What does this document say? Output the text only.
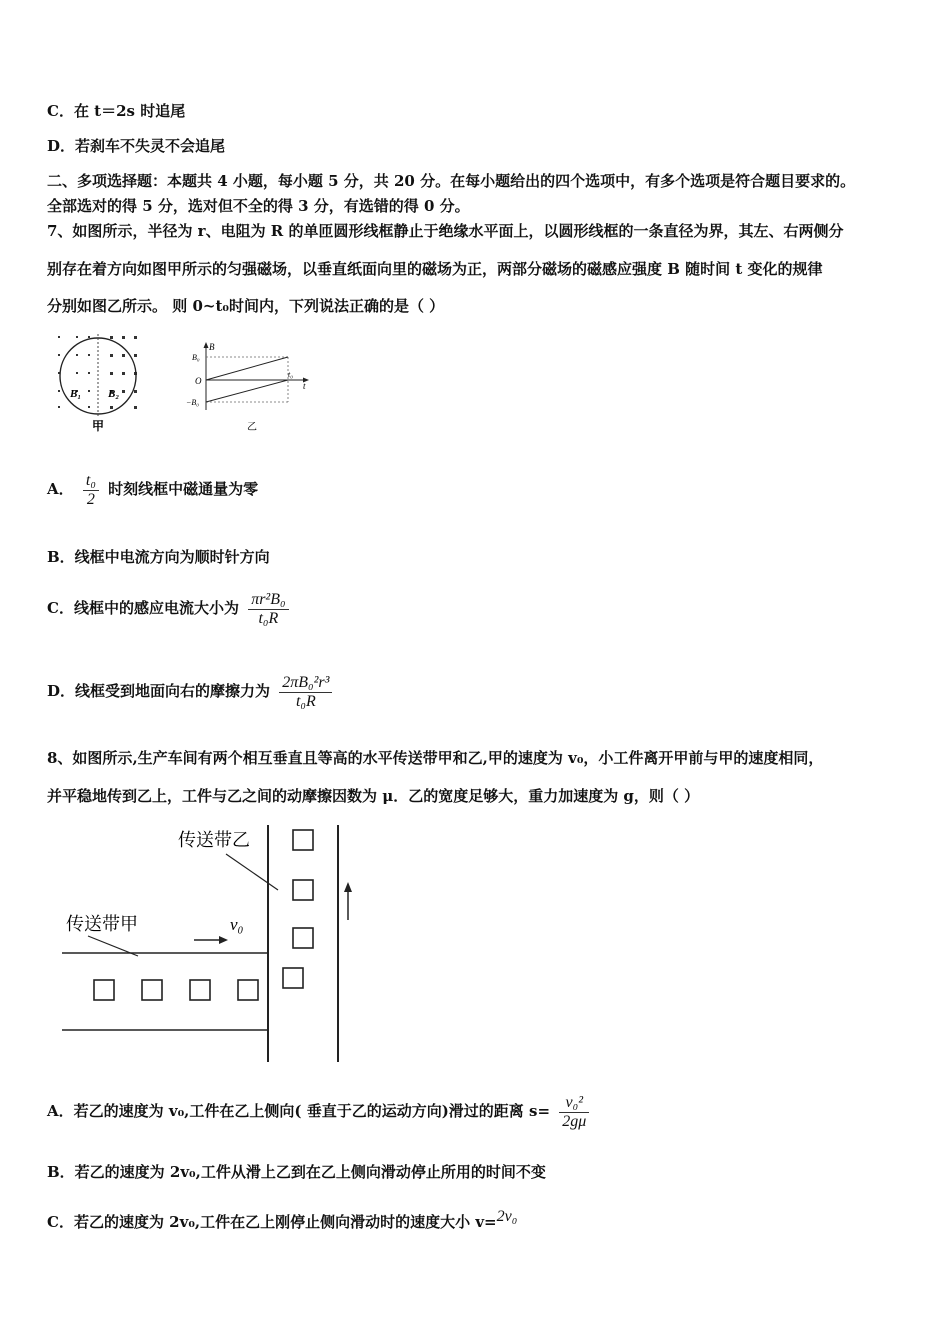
C．在 t＝2s 时追尾
D．若刹车不失灵不会追尾
二、多项选择题：本题共 4 小题，每小题 5 分，共 20 分。在每小题给出的四个选项中，有多个选项是符合题目要求的。
全部选对的得 5 分，选对但不全的得 3 分，有选错的得 0 分。
7、如图所示，半径为 r、电阻为 R 的单匝圆形线框静止于绝缘水平面上，以圆形线框的一条直径为界，其左、右两侧分
别存在着方向如图甲所示的匀强磁场，以垂直纸面向里的磁场为正，两部分磁场的磁感应强度 B 随时间 t 变化的规律
分别如图乙所示。 则 0~t₀时间内，下列说法正确的是（ ）
B₁ B₂
甲
B
B₀
O
−B₀
t₀
t
乙
A． $\frac{\text{t₀}}{2}$ 时刻线框中磁通量为零
B．线框中电流方向为顺时针方向
C．线框中的感应电流大小为 $\frac{\text{πr²B₀}}{\text{t₀R}}$
D．线框受到地面向右的摩擦力为 $\frac{\text{2πB₀²r³}}{\text{t₀R}}$
8、如图所示,生产车间有两个相互垂直且等高的水平传送带甲和乙,甲的速度为 v₀，小工件离开甲前与甲的速度相同，
并平稳地传到乙上，工件与乙之间的动摩擦因数为 μ．乙的宽度足够大，重力加速度为 g，则（ ）
v₀
传送带乙
传送带甲
A．若乙的速度为 v₀,工件在乙上侧向( 垂直于乙的运动方向)滑过的距离 $s= \frac{\text{v₀²}}{2g\mu}$
B．若乙的速度为 2v₀,工件从滑上乙到在乙上侧向滑动停止所用的时间不变
C．若乙的速度为 2v₀,工件在乙上刚停止侧向滑动时的速度大小 v=2v₀
